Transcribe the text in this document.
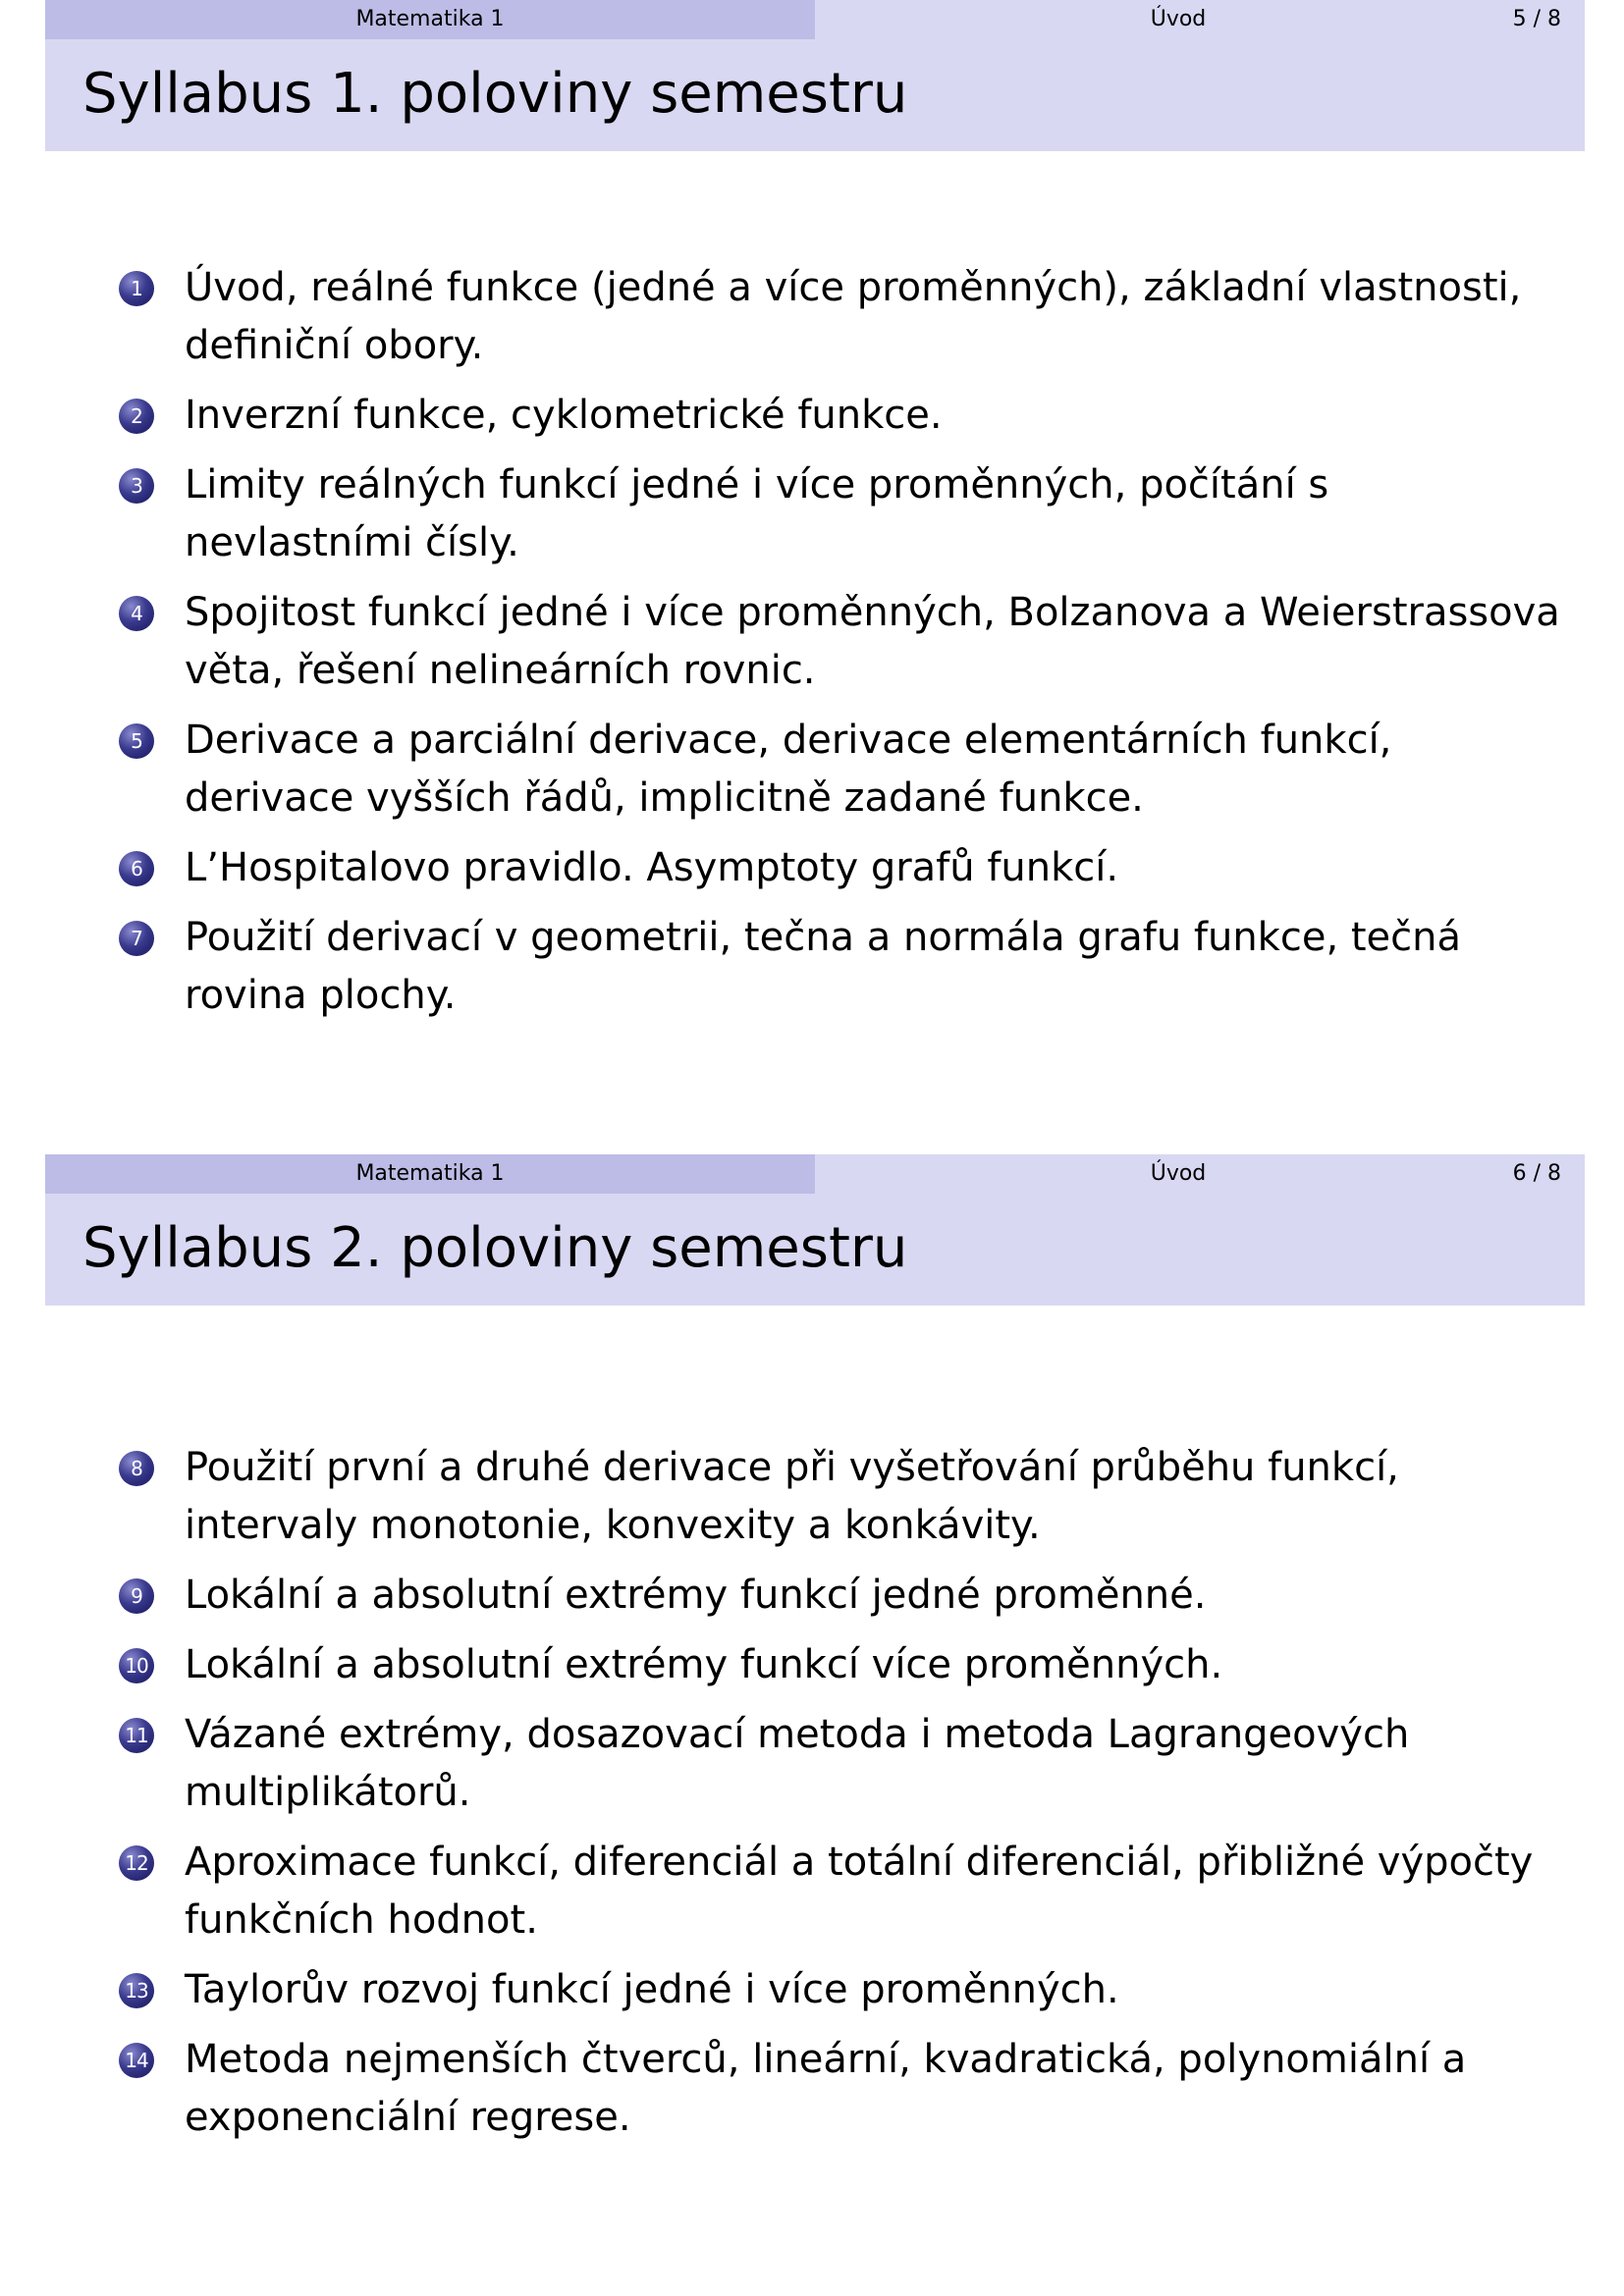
Matematika 1	Úvod	5 / 8
Syllabus 1. poloviny semestru
1	Úvod, reálné funkce (jedné a více proměnných), základní vlastnosti, definiční obory.
2	Inverzní funkce, cyklometrické funkce.
3	Limity reálných funkcí jedné i více proměnných, počítání s nevlastními čísly.
4	Spojitost funkcí jedné i více proměnných, Bolzanova a Weierstrassova věta, řešení nelineárních rovnic.
5	Derivace a parciální derivace, derivace elementárních funkcí, derivace vyšších řádů, implicitně zadané funkce.
6	L’Hospitalovo pravidlo. Asymptoty grafů funkcí.
7	Použití derivací v geometrii, tečna a normála grafu funkce, tečná rovina plochy.
Matematika 1	Úvod	6 / 8
Syllabus 2. poloviny semestru
8	Použití první a druhé derivace při vyšetřování průběhu funkcí, intervaly monotonie, konvexity a konkávity.
9	Lokální a absolutní extrémy funkcí jedné proměnné.
10 Lokální a absolutní extrémy funkcí více proměnných.
11 Vázané extrémy, dosazovací metoda i metoda Lagrangeových multiplikátorů.
12 Aproximace funkcí, diferenciál a totální diferenciál, přibližné výpočty funkčních hodnot.
13 Taylorův rozvoj funkcí jedné i více proměnných.
14 Metoda nejmenších čtverců, lineární, kvadratická, polynomiální a exponenciální regrese.
